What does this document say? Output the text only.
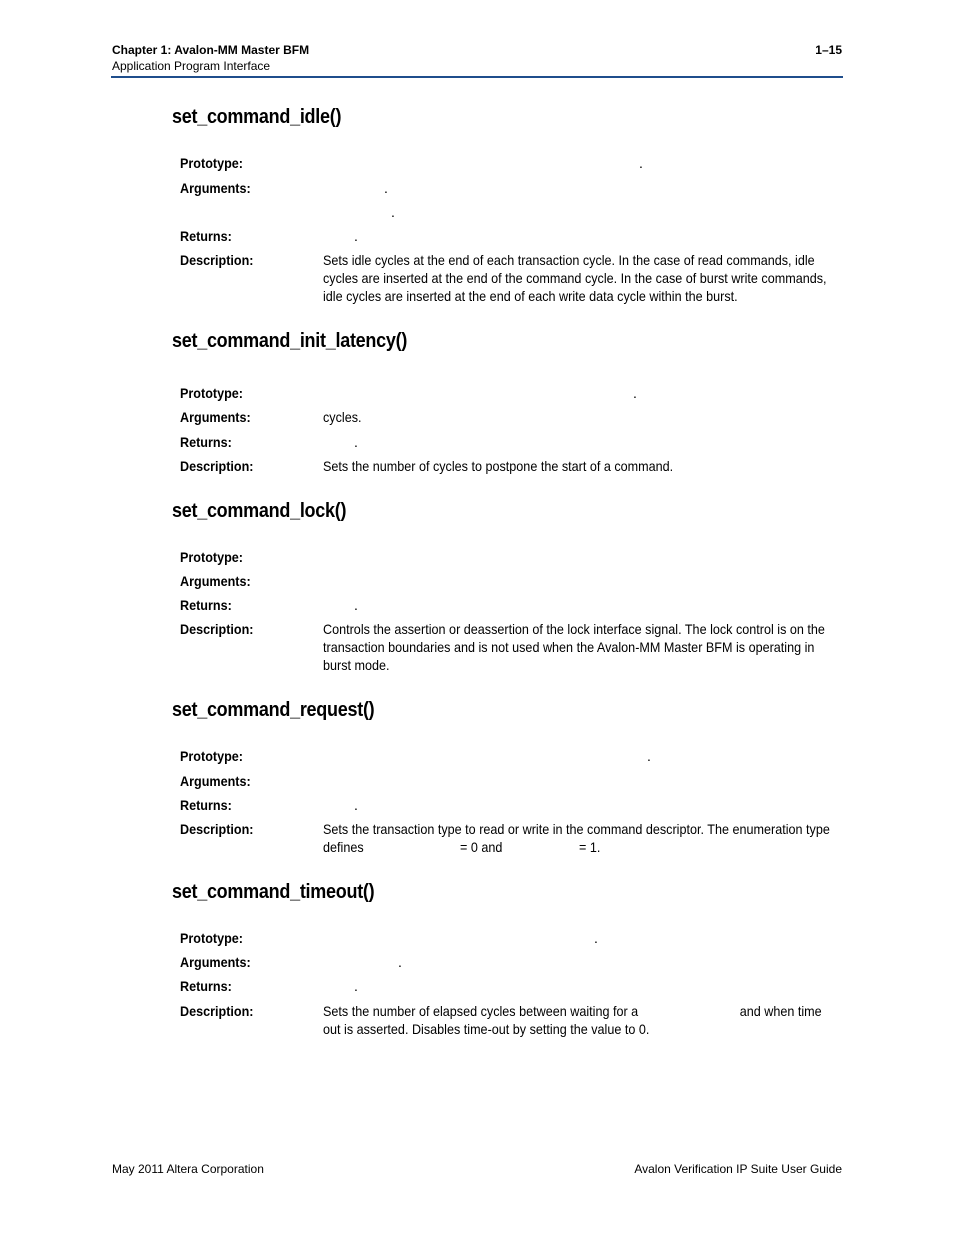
Chapter 1: Avalon-MM Master BFM
Application Program Interface
1–15
set_command_idle()
Prototype:	.
Arguments:	.
.
Returns:	.
Description:	Sets idle cycles at the end of each transaction cycle. In the case of read commands, idle cycles are inserted at the end of the command cycle. In the case of burst write commands, idle cycles are inserted at the end of each write data cycle within the burst.
set_command_init_latency()
Prototype:	.
Arguments:	cycles.
Returns:	.
Description:	Sets the number of cycles to postpone the start of a command.
set_command_lock()
Prototype:
Arguments:
Returns:	.
Description:	Controls the assertion or deassertion of the lock interface signal. The lock control is on the transaction boundaries and is not used when the Avalon-MM Master BFM is operating in burst mode.
set_command_request()
Prototype:	.
Arguments:
Returns:	.
Description:	Sets the transaction type to read or write in the command descriptor. The enumeration type defines	= 0 and	= 1.
set_command_timeout()
Prototype:	.
Arguments:	.
Returns:	.
Description:	Sets the number of elapsed cycles between waiting for a	and when time out is asserted. Disables time-out by setting the value to 0.
May 2011 Altera Corporation	Avalon Verification IP Suite User Guide
